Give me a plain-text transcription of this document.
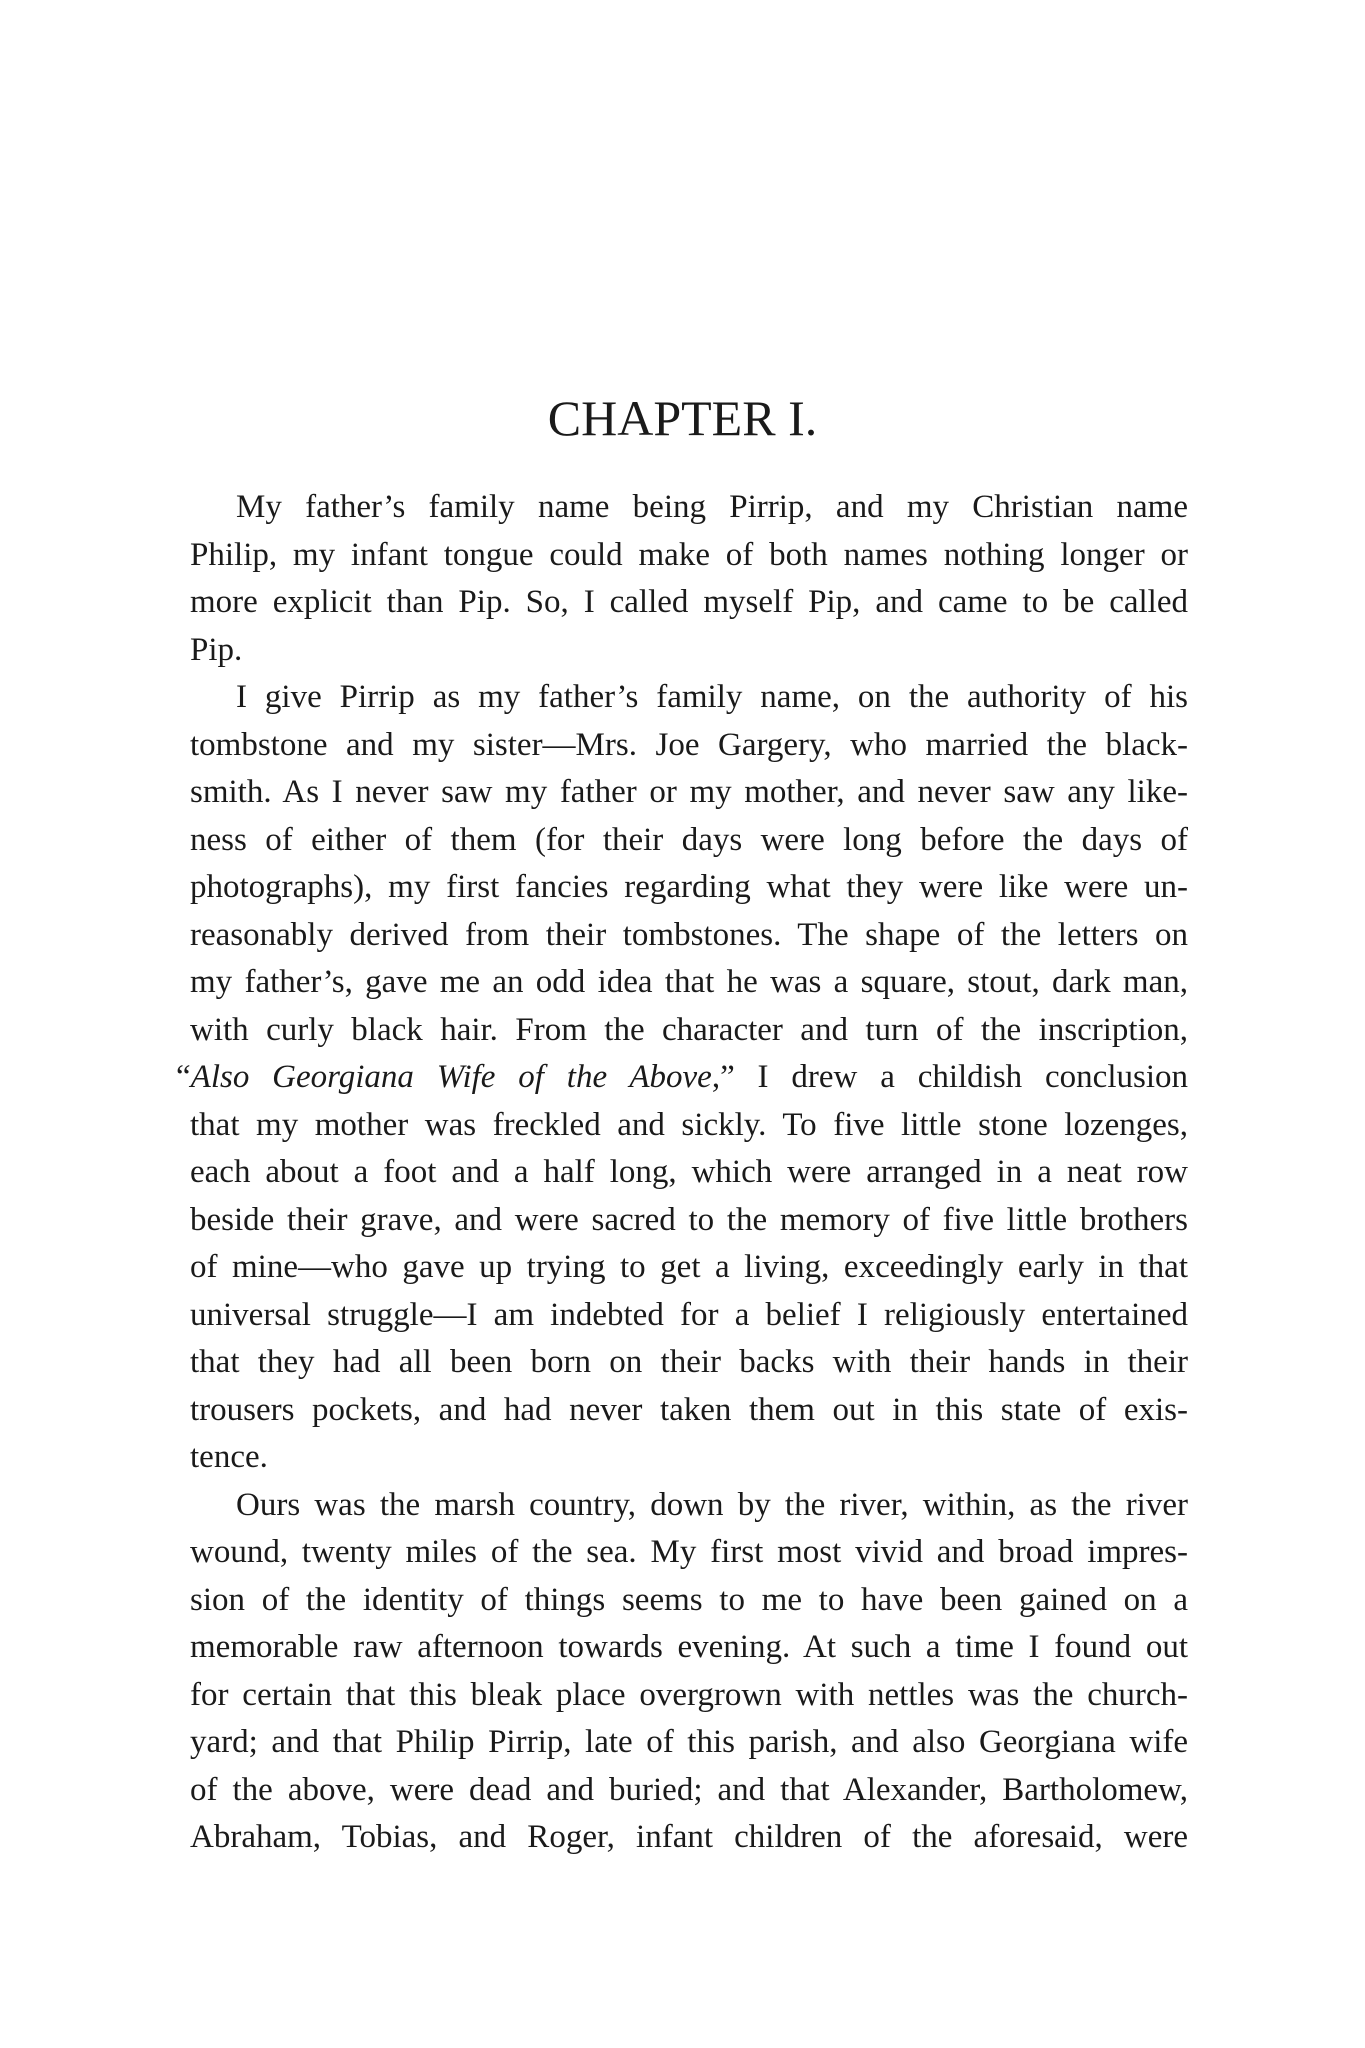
CHAPTER I.
My father’s family name being Pirrip, and my Christian name
Philip, my infant tongue could make of both names nothing longer or
more explicit than Pip. So, I called myself Pip, and came to be called
Pip.
I give Pirrip as my father’s family name, on the authority of his
tombstone and my sister—Mrs. Joe Gargery, who married the black-
smith. As I never saw my father or my mother, and never saw any like-
ness of either of them (for their days were long before the days of
photographs), my first fancies regarding what they were like were un-
reasonably derived from their tombstones. The shape of the letters on
my father’s, gave me an odd idea that he was a square, stout, dark man,
with curly black hair. From the character and turn of the inscription,
“Also Georgiana Wife of the Above,” I drew a childish conclusion
that my mother was freckled and sickly. To five little stone lozenges,
each about a foot and a half long, which were arranged in a neat row
beside their grave, and were sacred to the memory of five little brothers
of mine—who gave up trying to get a living, exceedingly early in that
universal struggle—I am indebted for a belief I religiously entertained
that they had all been born on their backs with their hands in their
trousers pockets, and had never taken them out in this state of exis-
tence.
Ours was the marsh country, down by the river, within, as the river
wound, twenty miles of the sea. My first most vivid and broad impres-
sion of the identity of things seems to me to have been gained on a
memorable raw afternoon towards evening. At such a time I found out
for certain that this bleak place overgrown with nettles was the church-
yard; and that Philip Pirrip, late of this parish, and also Georgiana wife
of the above, were dead and buried; and that Alexander, Bartholomew,
Abraham, Tobias, and Roger, infant children of the aforesaid, were
